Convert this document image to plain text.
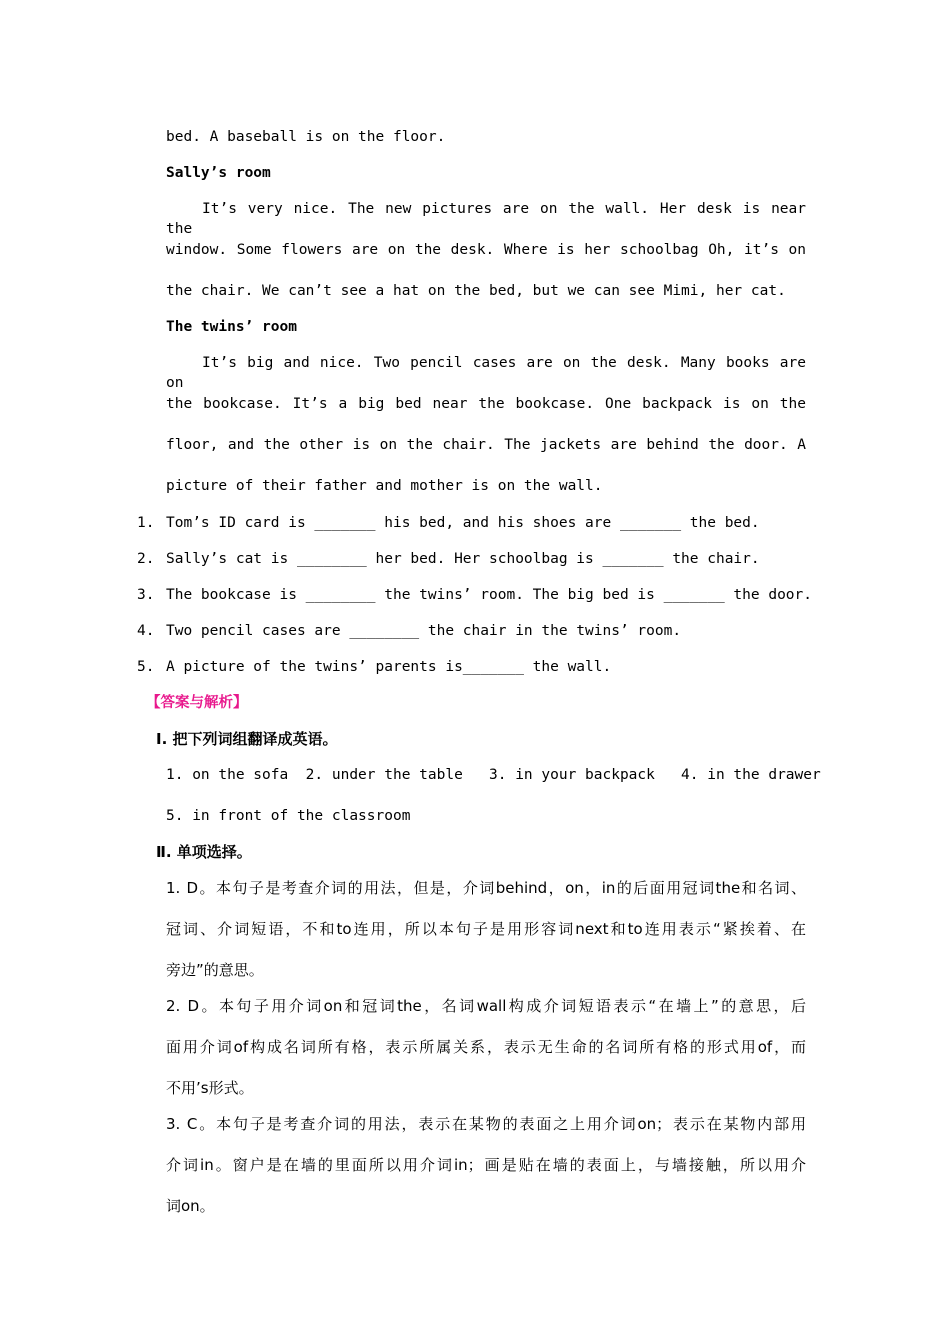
bed. A baseball is on the floor.
Sally’s room
It’s very nice. The new pictures are on the wall. Her desk is near the
window. Some flowers are on the desk. Where is her schoolbag Oh, it’s on
the chair. We can’t see a hat on the bed, but we can see Mimi, her cat.
The twins’ room
It’s big and nice. Two pencil cases are on the desk. Many books are on
the bookcase. It’s a big bed near the bookcase. One backpack is on the
floor, and the other is on the chair. The jackets are behind the door. A
picture of their father and mother is on the wall.
1. Tom’s ID card is _______ his bed, and his shoes are _______ the bed.
2. Sally’s cat is ________ her bed. Her schoolbag is _______ the chair.
3. The bookcase is ________ the twins’ room. The big bed is _______ the door.
4. Two pencil cases are ________ the chair in the twins’ room.
5. A picture of the twins’ parents is_______ the wall.
【答案与解析】
Ⅰ. 把下列词组翻译成英语。
1. on the sofa  2. under the table   3. in your backpack   4. in the drawer
5. in front of the classroom
Ⅱ. 单项选择。
1. D。本句子是考查介词的用法，但是，介词behind，on，in的后面用冠词the和名词、
冠词、介词短语，不和to连用，所以本句子是用形容词next和to连用表示“紧挨着、在
旁边”的意思。
2. D。本句子用介词on和冠词the，名词wall构成介词短语表示“在墙上”的意思，后
面用介词of构成名词所有格，表示所属关系，表示无生命的名词所有格的形式用of，而
不用’s形式。
3. C。本句子是考查介词的用法，表示在某物的表面之上用介词on；表示在某物内部用
介词in。窗户是在墙的里面所以用介词in；画是贴在墙的表面上，与墙接触，所以用介
词on。
